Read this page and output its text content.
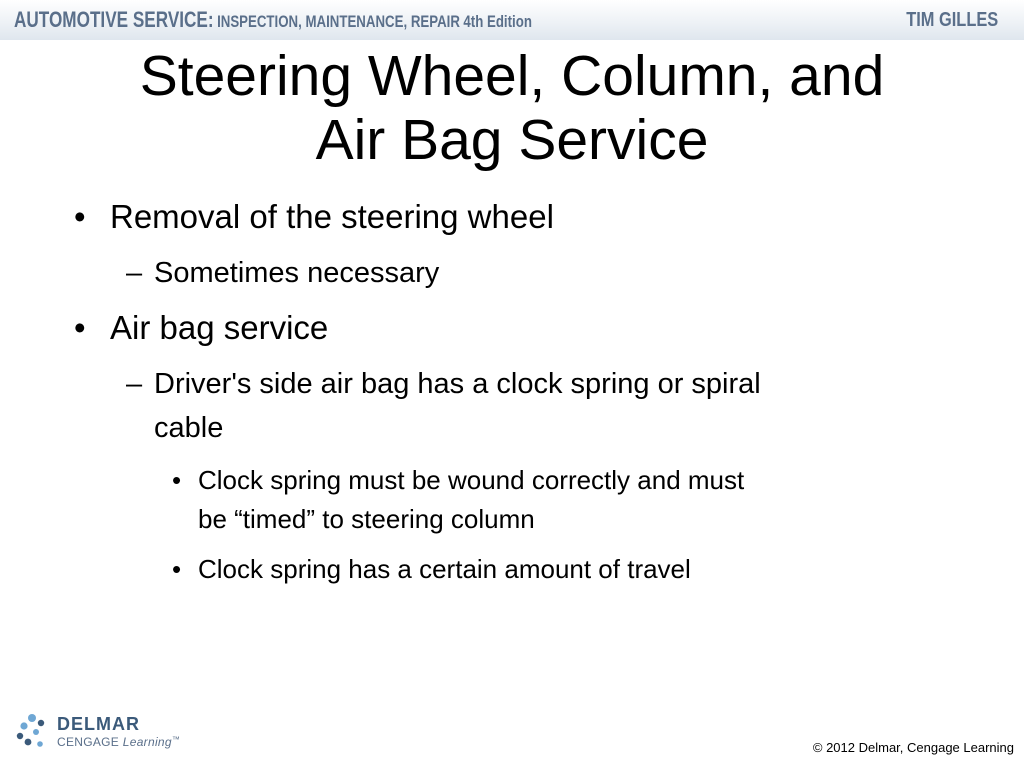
AUTOMOTIVE SERVICE: INSPECTION, MAINTENANCE, REPAIR 4th Edition	TIM GILLES
Steering Wheel, Column, and
Air Bag Service
• Removal of the steering wheel
– Sometimes necessary
• Air bag service
– Driver's side air bag has a clock spring or spiral
cable
• Clock spring must be wound correctly and must
be “timed” to steering column
• Clock spring has a certain amount of travel
DELMAR
CENGAGE Learning™
© 2012 Delmar, Cengage Learning
